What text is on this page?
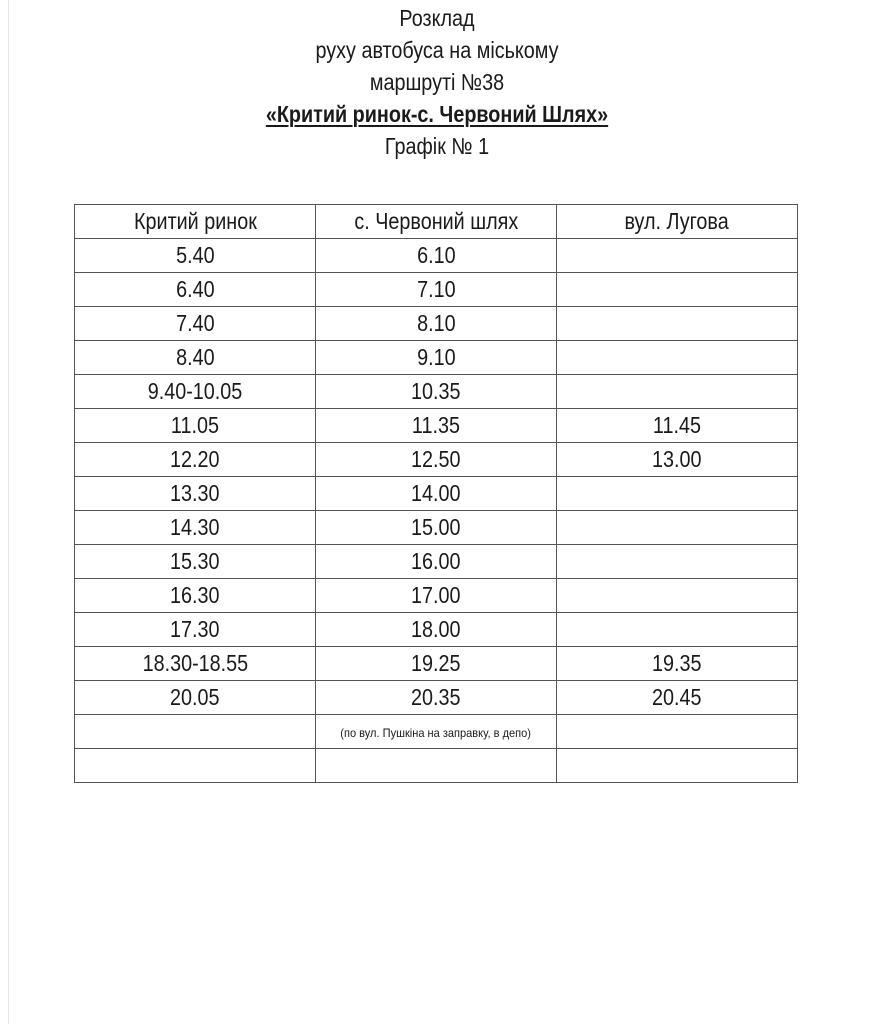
Розклад
руху автобуса на міському
маршруті №38
«Критий ринок-с. Червоний Шлях»
Графік № 1
Критий ринок	с. Червоний шлях	вул. Лугова
5.40	6.10	
6.40	7.10	
7.40	8.10	
8.40	9.10	
9.40-10.05	10.35	
11.05	11.35	11.45
12.20	12.50	13.00
13.30	14.00	
14.30	15.00	
15.30	16.00	
16.30	17.00	
17.30	18.00	
18.30-18.55	19.25	19.35
20.05	20.35	20.45
	(по вул. Пушкіна на заправку, в депо)	
